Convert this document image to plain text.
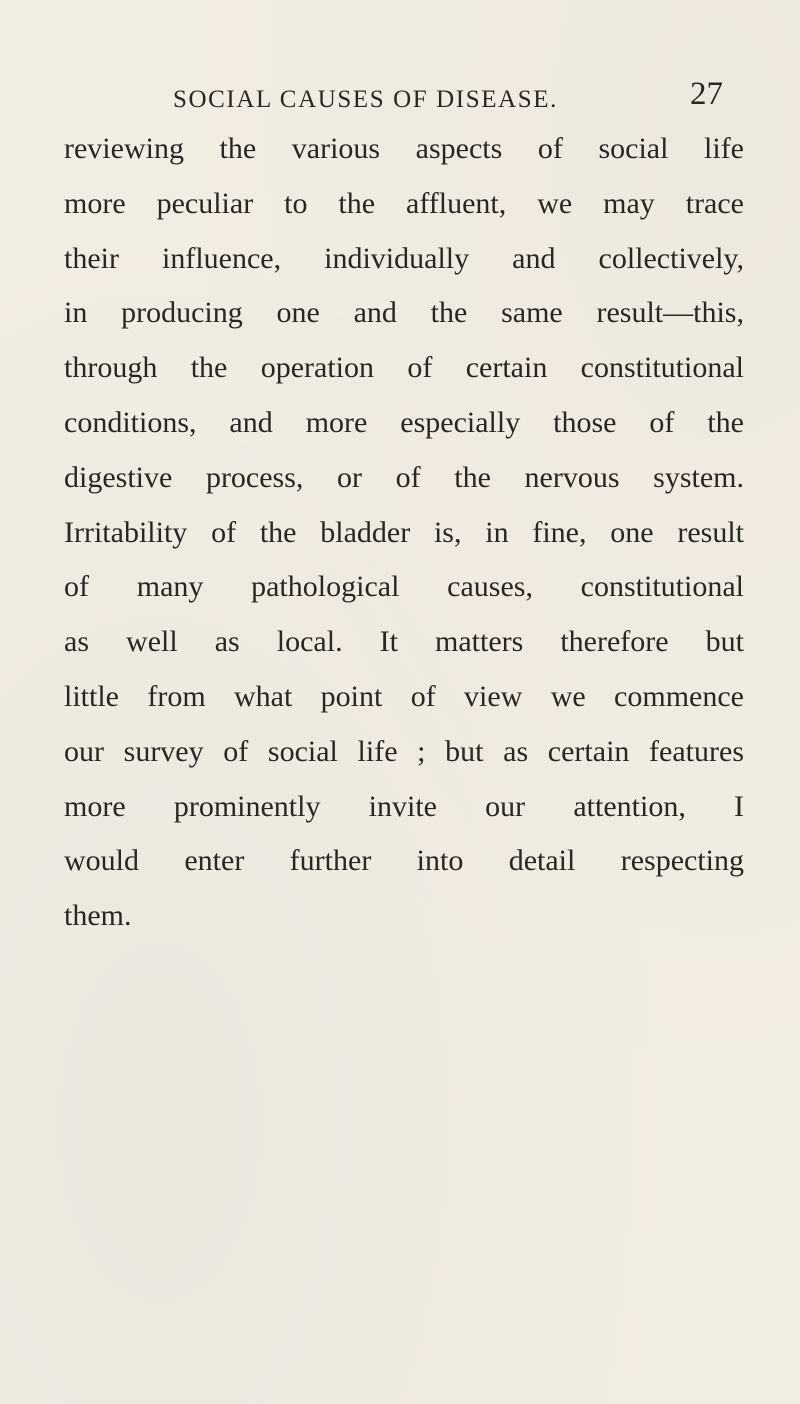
SOCIAL CAUSES OF DISEASE.	27
reviewing the various aspects of social life
more peculiar to the affluent, we may trace
their influence, individually and collectively,
in producing one and the same result—this,
through the operation of certain constitutional
conditions, and more especially those of the
digestive process, or of the nervous system.
Irritability of the bladder is, in fine, one result
of many pathological causes, constitutional
as well as local. It matters therefore but
little from what point of view we commence
our survey of social life ; but as certain features
more prominently invite our attention, I
would enter further into detail respecting
them.
